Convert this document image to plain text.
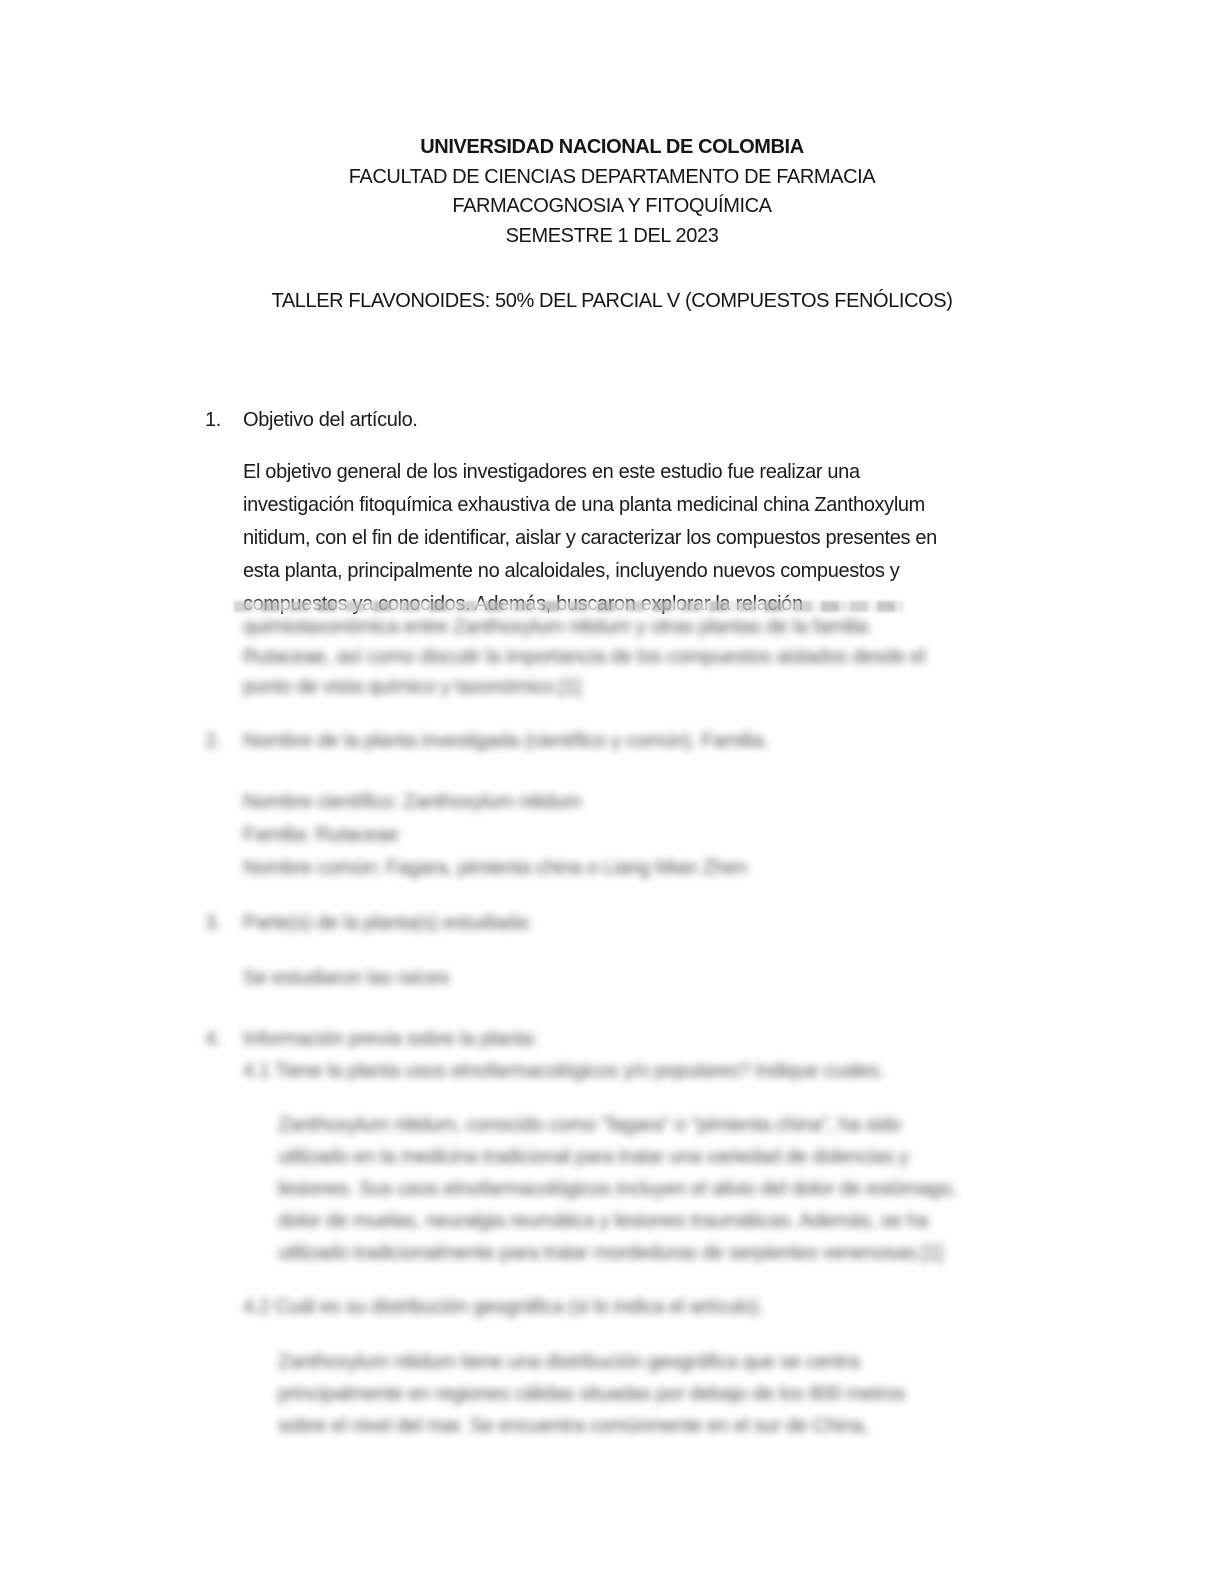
UNIVERSIDAD NACIONAL DE COLOMBIA
FACULTAD DE CIENCIAS DEPARTAMENTO DE FARMACIA
FARMACOGNOSIA Y FITOQUÍMICA
SEMESTRE 1 DEL 2023
TALLER FLAVONOIDES: 50% DEL PARCIAL V (COMPUESTOS FENÓLICOS)
1. Objetivo del artículo.
El objetivo general de los investigadores en este estudio fue realizar una
investigación fitoquímica exhaustiva de una planta medicinal china Zanthoxylum
nitidum, con el fin de identificar, aislar y caracterizar los compuestos presentes en
esta planta, principalmente no alcaloidales, incluyendo nuevos compuestos y
quimiotaxonómica entre Zanthoxylum nitidum y otras plantas de la familia
Rutaceae, así como discutir la importancia de los compuestos aislados desde el
punto de vista químico y taxonómico.[1]
2. Nombre de la planta investigada (científico y común). Familia.
Nombre científico: Zanthoxylum nitidum
Familia: Rutaceae
Nombre común: Fagara, pimienta china o Liang Mian Zhen
3. Parte(s) de la planta(s) estudiada:
Se estudiaron las raíces
4. Información previa sobre la planta:
4.1 Tiene la planta usos etnofarmacológicos y/o populares? Indique cuales.
Zanthoxylum nitidum, conocido como "fagara" o "pimienta china", ha sido
utilizado en la medicina tradicional para tratar una variedad de dolencias y
lesiones. Sus usos etnofarmacológicos incluyen el alivio del dolor de estómago,
dolor de muelas, neuralgia reumática y lesiones traumáticas. Además, se ha
utilizado tradicionalmente para tratar mordeduras de serpientes venenosas.[1]
4.2 Cuál es su distribución geográfica (si lo indica el artículo).
Zanthoxylum nitidum tiene una distribución geográfica que se centra
principalmente en regiones cálidas situadas por debajo de los 800 metros
sobre el nivel del mar. Se encuentra comúnmente en el sur de China,
